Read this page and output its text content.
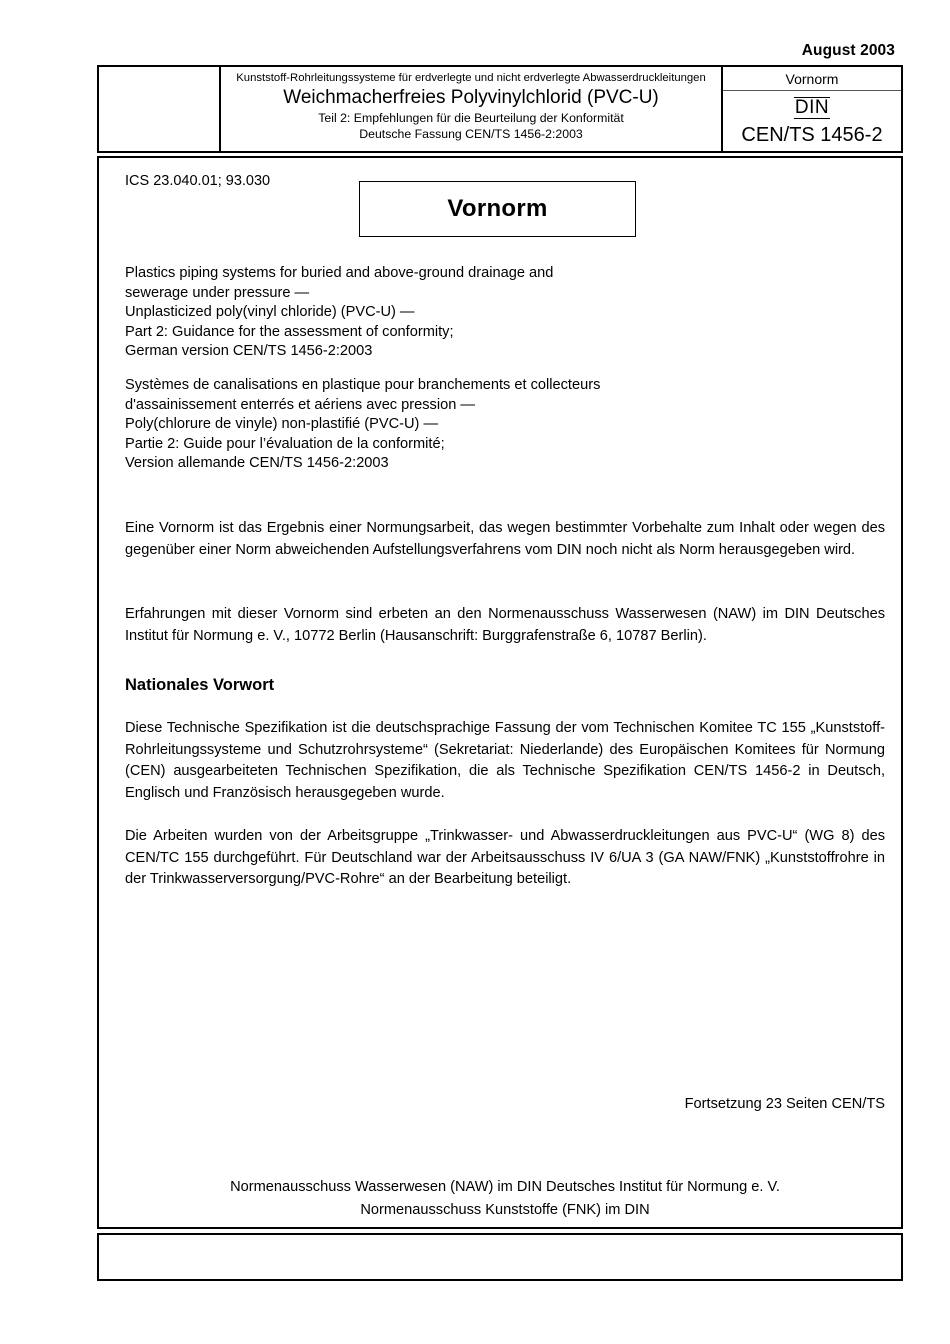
August 2003
Kunststoff-Rohrleitungssysteme für erdverlegte und nicht erdverlegte Abwasserdruckleitungen
Weichmacherfreies Polyvinylchlorid (PVC-U)
Teil 2: Empfehlungen für die Beurteilung der Konformität
Deutsche Fassung CEN/TS 1456-2:2003
Vornorm
DIN
CEN/TS 1456-2
ICS 23.040.01; 93.030
Vornorm
Plastics piping systems for buried and above-ground drainage and
sewerage under pressure —
Unplasticized poly(vinyl chloride) (PVC-U) —
Part 2: Guidance for the assessment of conformity;
German version CEN/TS 1456-2:2003
Systèmes de canalisations en plastique pour branchements et collecteurs
d'assainissement enterrés et aériens avec pression —
Poly(chlorure de vinyle) non-plastifié (PVC-U) —
Partie 2: Guide pour l’évaluation de la conformité;
Version allemande CEN/TS 1456-2:2003
Eine Vornorm ist das Ergebnis einer Normungsarbeit, das wegen bestimmter Vorbehalte zum Inhalt oder wegen des gegenüber einer Norm abweichenden Aufstellungsverfahrens vom DIN noch nicht als Norm herausgegeben wird.
Erfahrungen mit dieser Vornorm sind erbeten an den Normenausschuss Wasserwesen (NAW) im DIN Deutsches Institut für Normung e. V., 10772 Berlin (Hausanschrift: Burggrafenstraße 6, 10787 Berlin).
Nationales Vorwort
Diese Technische Spezifikation ist die deutschsprachige Fassung der vom Technischen Komitee TC 155 „Kunststoff-Rohrleitungssysteme und Schutzrohrsysteme“ (Sekretariat: Niederlande) des Europäischen Komitees für Normung (CEN) ausgearbeiteten Technischen Spezifikation, die als Technische Spezifikation CEN/TS 1456-2 in Deutsch, Englisch und Französisch herausgegeben wurde.
Die Arbeiten wurden von der Arbeitsgruppe „Trinkwasser- und Abwasserdruckleitungen aus PVC-U“ (WG 8) des CEN/TC 155 durchgeführt. Für Deutschland war der Arbeitsausschuss IV 6/UA 3 (GA NAW/FNK) „Kunststoffrohre in der Trinkwasserversorgung/PVC-Rohre“ an der Bearbeitung beteiligt.
Fortsetzung 23 Seiten CEN/TS
Normenausschuss Wasserwesen (NAW) im DIN Deutsches Institut für Normung e. V.
Normenausschuss Kunststoffe (FNK) im DIN
